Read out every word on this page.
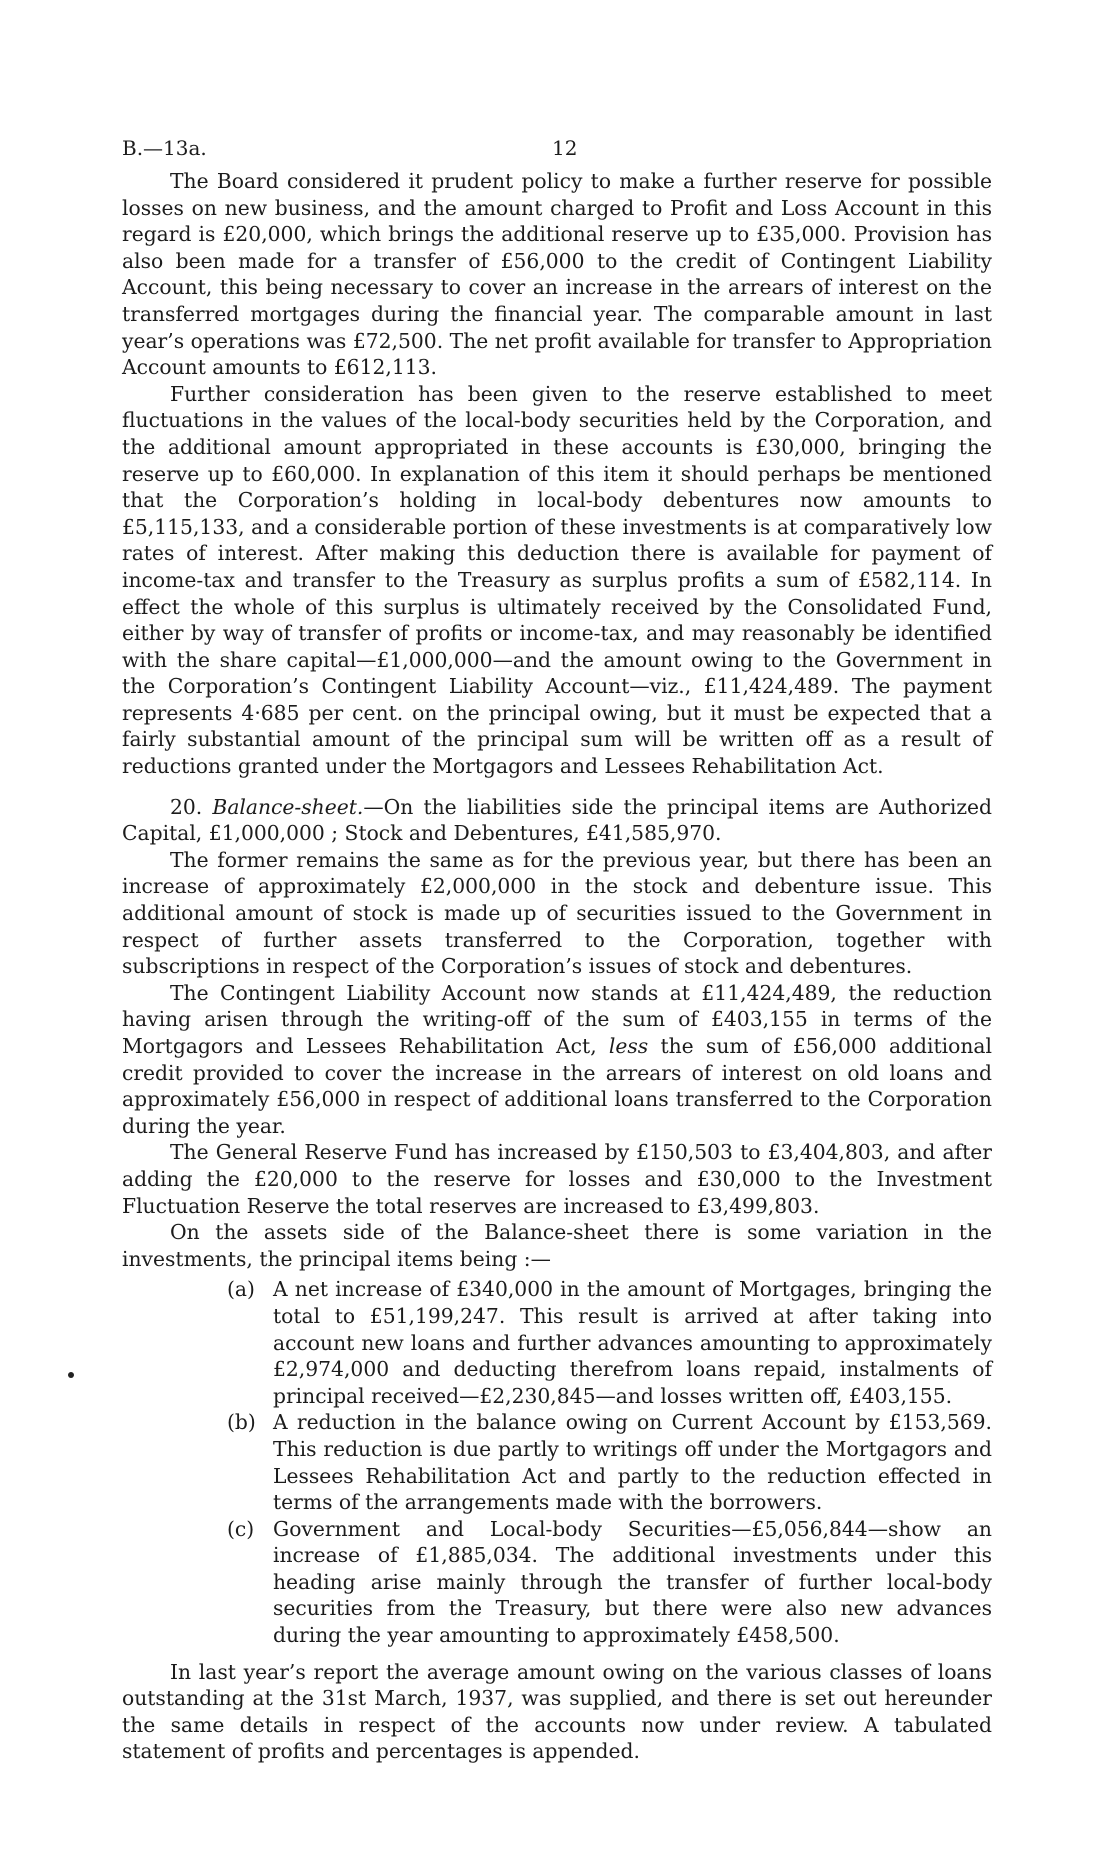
B.—13a.	12

The Board considered it prudent policy to make a further reserve for possible losses on new business, and the amount charged to Profit and Loss Account in this regard is £20,000, which brings the additional reserve up to £35,000. Provision has also been made for a transfer of £56,000 to the credit of Contingent Liability Account, this being necessary to cover an increase in the arrears of interest on the transferred mortgages during the financial year. The comparable amount in last year’s operations was £72,500. The net profit available for transfer to Appropriation Account amounts to £612,113.

Further consideration has been given to the reserve established to meet fluctuations in the values of the local-body securities held by the Corporation, and the additional amount appropriated in these accounts is £30,000, bringing the reserve up to £60,000. In explanation of this item it should perhaps be mentioned that the Corporation’s holding in local-body debentures now amounts to £5,115,133, and a considerable portion of these investments is at comparatively low rates of interest. After making this deduction there is available for payment of income-tax and transfer to the Treasury as surplus profits a sum of £582,114. In effect the whole of this surplus is ultimately received by the Consolidated Fund, either by way of transfer of profits or income-tax, and may reasonably be identified with the share capital—£1,000,000—and the amount owing to the Government in the Corporation’s Contingent Liability Account—viz., £11,424,489. The payment represents 4·685 per cent. on the principal owing, but it must be expected that a fairly substantial amount of the principal sum will be written off as a result of reductions granted under the Mortgagors and Lessees Rehabilitation Act.

20. Balance-sheet.—On the liabilities side the principal items are Authorized Capital, £1,000,000 ; Stock and Debentures, £41,585,970.

The former remains the same as for the previous year, but there has been an increase of approximately £2,000,000 in the stock and debenture issue. This additional amount of stock is made up of securities issued to the Government in respect of further assets transferred to the Corporation, together with subscriptions in respect of the Corporation’s issues of stock and debentures.

The Contingent Liability Account now stands at £11,424,489, the reduction having arisen through the writing-off of the sum of £403,155 in terms of the Mortgagors and Lessees Rehabilitation Act, less the sum of £56,000 additional credit provided to cover the increase in the arrears of interest on old loans and approximately £56,000 in respect of additional loans transferred to the Corporation during the year.

The General Reserve Fund has increased by £150,503 to £3,404,803, and after adding the £20,000 to the reserve for losses and £30,000 to the Investment Fluctuation Reserve the total reserves are increased to £3,499,803.

On the assets side of the Balance-sheet there is some variation in the investments, the principal items being :—

(a) A net increase of £340,000 in the amount of Mortgages, bringing the total to £51,199,247. This result is arrived at after taking into account new loans and further advances amounting to approximately £2,974,000 and deducting therefrom loans repaid, instalments of principal received—£2,230,845—and losses written off, £403,155.
(b) A reduction in the balance owing on Current Account by £153,569. This reduction is due partly to writings off under the Mortgagors and Lessees Rehabilitation Act and partly to the reduction effected in terms of the arrangements made with the borrowers.
(c) Government and Local-body Securities—£5,056,844—show an increase of £1,885,034. The additional investments under this heading arise mainly through the transfer of further local-body securities from the Treasury, but there were also new advances during the year amounting to approximately £458,500.

In last year’s report the average amount owing on the various classes of loans outstanding at the 31st March, 1937, was supplied, and there is set out hereunder the same details in respect of the accounts now under review. A tabulated statement of profits and percentages is appended.
